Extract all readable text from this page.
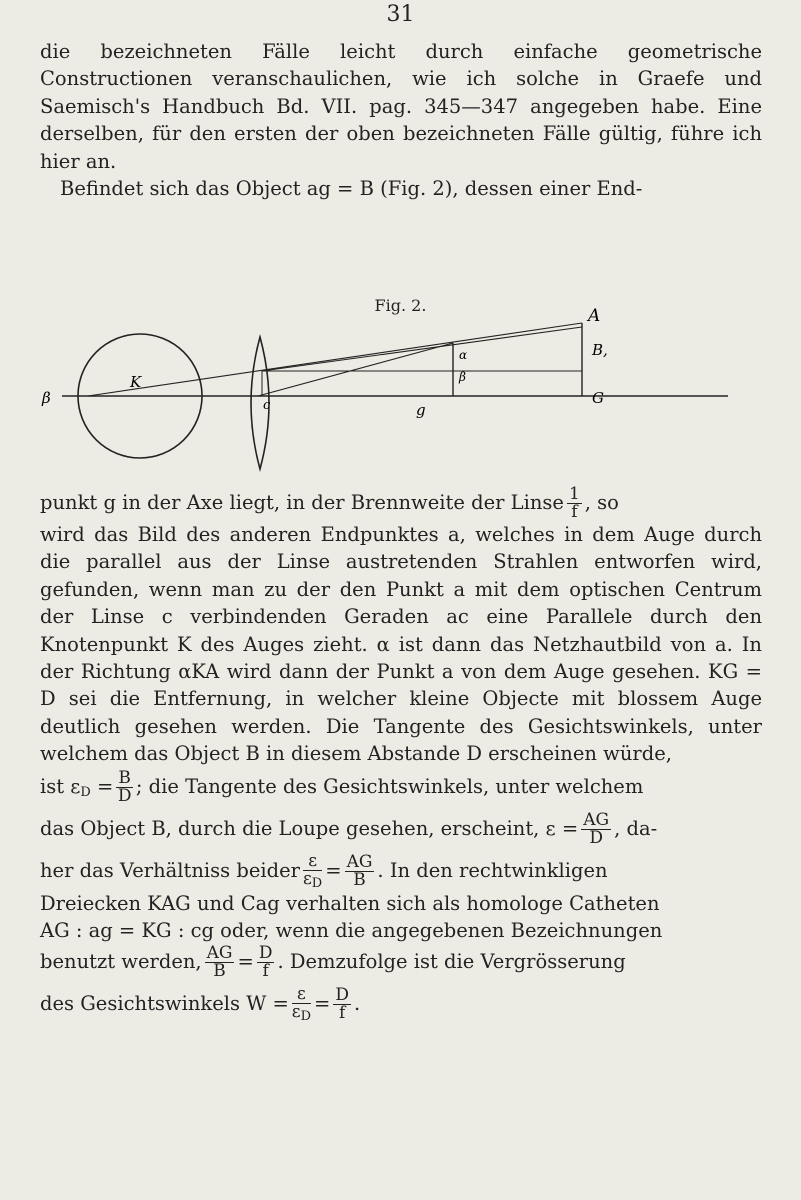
31

die bezeichneten Fälle leicht durch einfache geometrische Constructionen veranschaulichen, wie ich solche in Graefe und Saemisch's Handbuch Bd. VII. pag. 345—347 angegeben habe. Eine derselben, für den ersten der oben bezeichneten Fälle gültig, führe ich hier an.

Befindet sich das Object ag = B (Fig. 2), dessen einer End-

Fig. 2.
A
B,
G
K
α
β
β	c	g

punkt g in der Axe liegt, in der Brennweite der Linse $\frac{1}{f}$ , so

wird das Bild des anderen Endpunktes a, welches in dem Auge durch die parallel aus der Linse austretenden Strahlen entworfen wird, gefunden, wenn man zu der den Punkt a mit dem optischen Centrum der Linse c verbindenden Geraden ac eine Parallele durch den Knotenpunkt K des Auges zieht. α ist dann das Netzhautbild von a. In der Richtung αKA wird dann der Punkt a von dem Auge gesehen. KG = D sei die Entfernung, in welcher kleine Objecte mit blossem Auge deutlich gesehen werden. Die Tangente des Gesichtswinkels, unter welchem das Object B in diesem Abstande D erscheinen würde,

ist $\varepsilon_D = \frac{B}{D}$ ; die Tangente des Gesichtswinkels, unter welchem

das Object B, durch die Loupe gesehen, erscheint, $\varepsilon = \frac{AG}{D}$ , da-

her das Verhältniss beider $\frac{\varepsilon}{\varepsilon_D} = \frac{AG}{B}$ . In den rechtwinkligen

Dreiecken KAG und Cag verhalten sich als homologe Catheten

AG : ag = KG : cg oder, wenn die angegebenen Bezeichnungen

benutzt werden, $\frac{AG}{B} = \frac{D}{f}$ . Demzufolge ist die Vergrösserung

des Gesichtswinkels $W = \frac{\varepsilon}{\varepsilon_D} = \frac{D}{f}$ .
